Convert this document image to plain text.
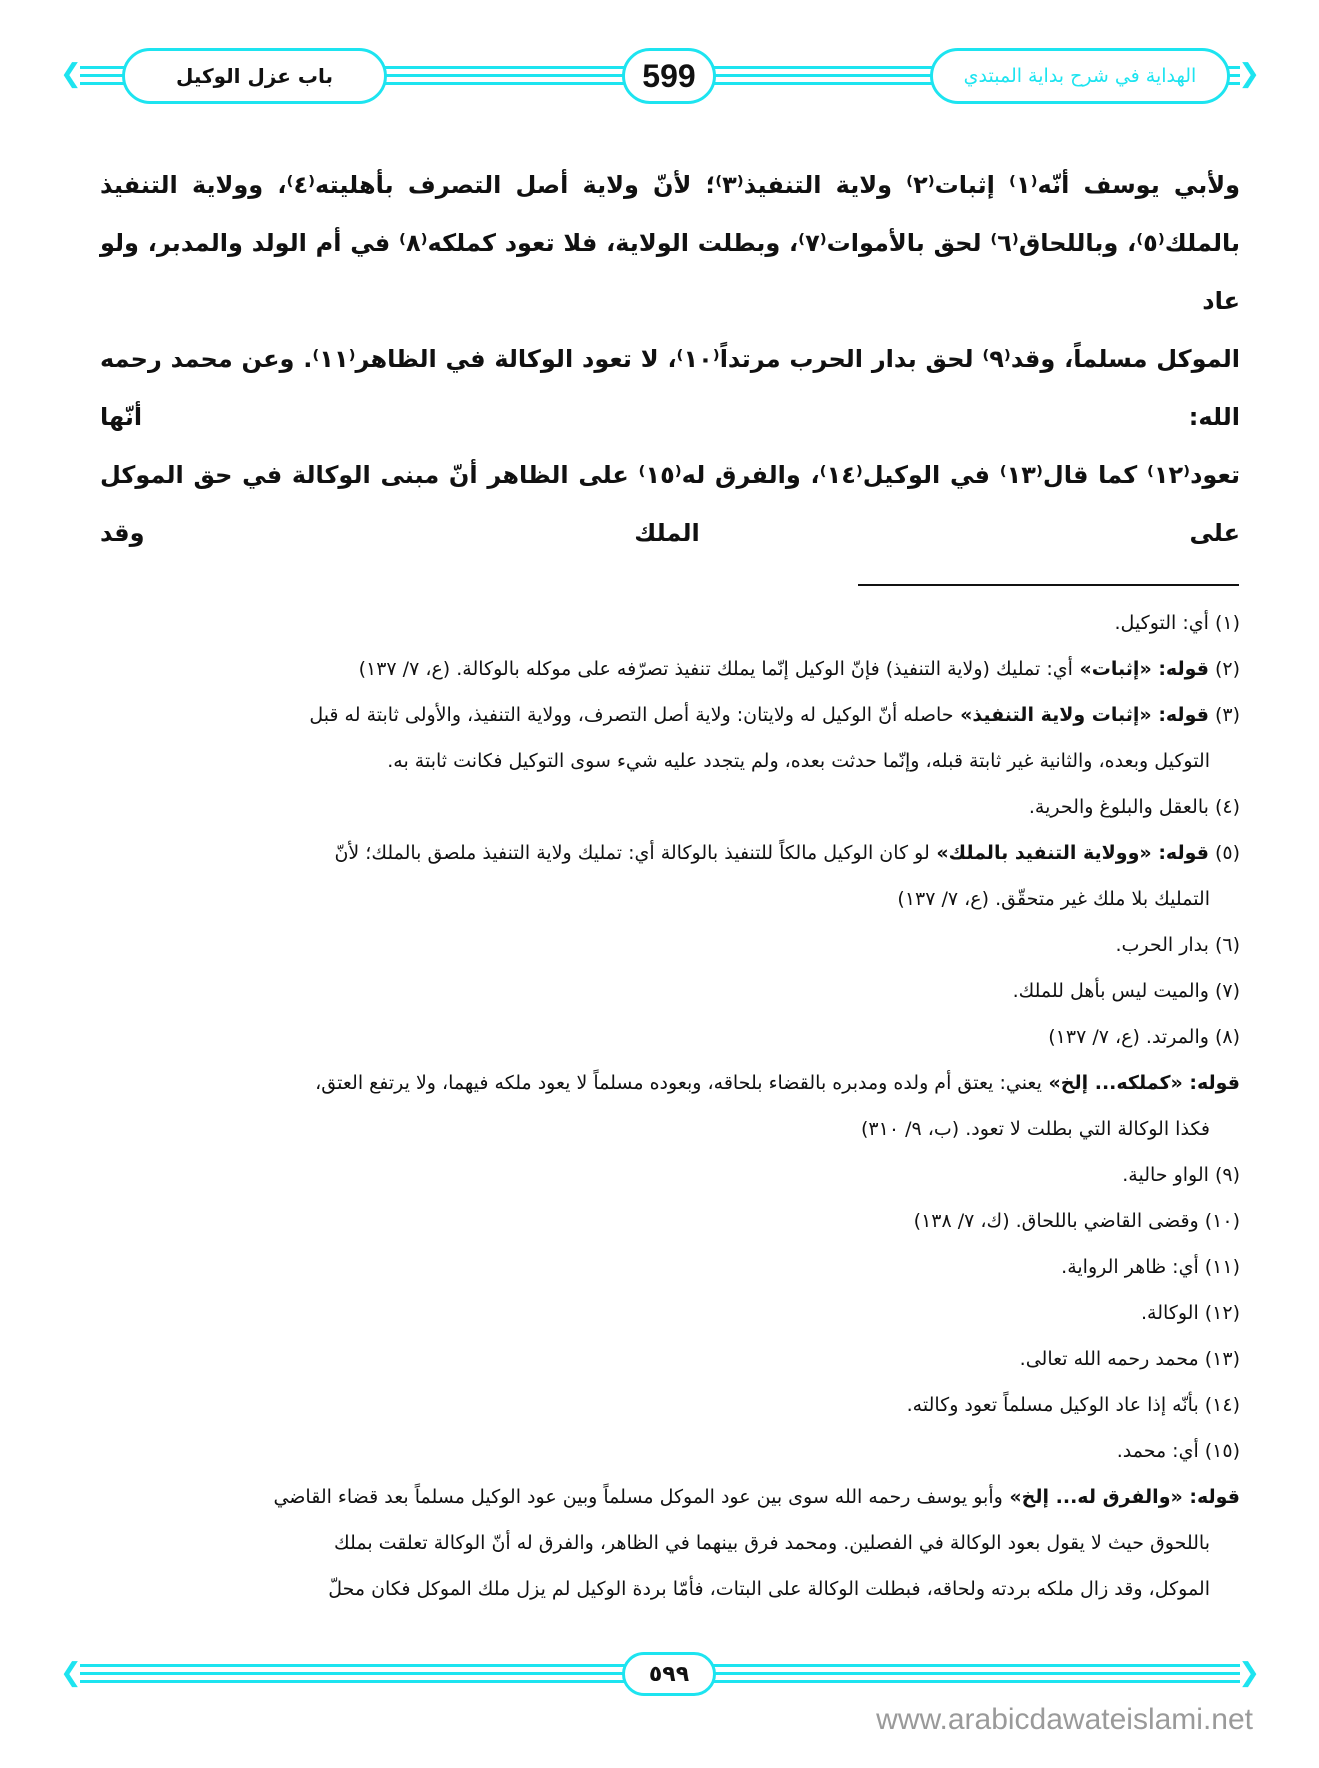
❮	❯
باب عزل الوكيل	599	الهداية في شرح بداية المبتدي

ولأبي يوسف أنّه⁽١⁾ إثبات⁽٢⁾ ولاية التنفيذ⁽٣⁾؛ لأنّ ولاية أصل التصرف بأهليته⁽٤⁾، وولاية التنفيذ

بالملك⁽٥⁾، وباللحاق⁽٦⁾ لحق بالأموات⁽٧⁾، وبطلت الولاية، فلا تعود كملكه⁽٨⁾ في أم الولد والمدبر، ولو عاد

الموكل مسلماً، وقد⁽٩⁾ لحق بدار الحرب مرتداً⁽١٠⁾، لا تعود الوكالة في الظاهر⁽١١⁾. وعن محمد رحمه الله: أنّها

تعود⁽١٢⁾ كما قال⁽١٣⁾ في الوكيل⁽١٤⁾، والفرق له⁽١٥⁾ على الظاهر أنّ مبنى الوكالة في حق الموكل على الملك وقد

(١)أي: التوكيل.

(٢)قوله: «إثبات» أي: تمليك (ولاية التنفيذ) فإنّ الوكيل إنّما يملك تنفيذ تصرّفه على موكله بالوكالة. (ع، ٧/ ١٣٧)

(٣)قوله: «إثبات ولاية التنفيذ» حاصله أنّ الوكيل له ولايتان: ولاية أصل التصرف، وولاية التنفيذ، والأولى ثابتة له قبل
التوكيل وبعده، والثانية غير ثابتة قبله، وإنّما حدثت بعده، ولم يتجدد عليه شيء سوى التوكيل فكانت ثابتة به.

(٤)بالعقل والبلوغ والحرية.

(٥)قوله: «وولاية التنفيد بالملك» لو كان الوكيل مالكاً للتنفيذ بالوكالة أي: تمليك ولاية التنفيذ ملصق بالملك؛ لأنّ
التمليك بلا ملك غير متحقّق. (ع، ٧/ ١٣٧)

(٦)بدار الحرب.

(٧)والميت ليس بأهل للملك.

(٨)والمرتد. (ع، ٧/ ١٣٧)

قوله: «كملكه... إلخ» يعني: يعتق أم ولده ومدبره بالقضاء بلحاقه، وبعوده مسلماً لا يعود ملكه فيهما، ولا يرتفع العتق،
فكذا الوكالة التي بطلت لا تعود. (ب، ٩/ ٣١٠)

(٩)الواو حالية.

(١٠)وقضى القاضي باللحاق. (ك، ٧/ ١٣٨)

(١١)أي: ظاهر الرواية.

(١٢)الوكالة.

(١٣)محمد رحمه الله تعالى.

(١٤)بأنّه إذا عاد الوكيل مسلماً تعود وكالته.

(١٥)أي: محمد.

قوله: «والفرق له... إلخ» وأبو يوسف رحمه الله سوى بين عود الموكل مسلماً وبين عود الوكيل مسلماً بعد قضاء القاضي
باللحوق حيث لا يقول بعود الوكالة في الفصلين. ومحمد فرق بينهما في الظاهر، والفرق له أنّ الوكالة تعلقت بملك

الموكل، وقد زال ملكه بردته ولحاقه، فبطلت الوكالة على البتات، فأمّا بردة الوكيل لم يزل ملك الموكل فكان محلّ

❮	❯
٥٩٩
www.arabicdawateislami.net
